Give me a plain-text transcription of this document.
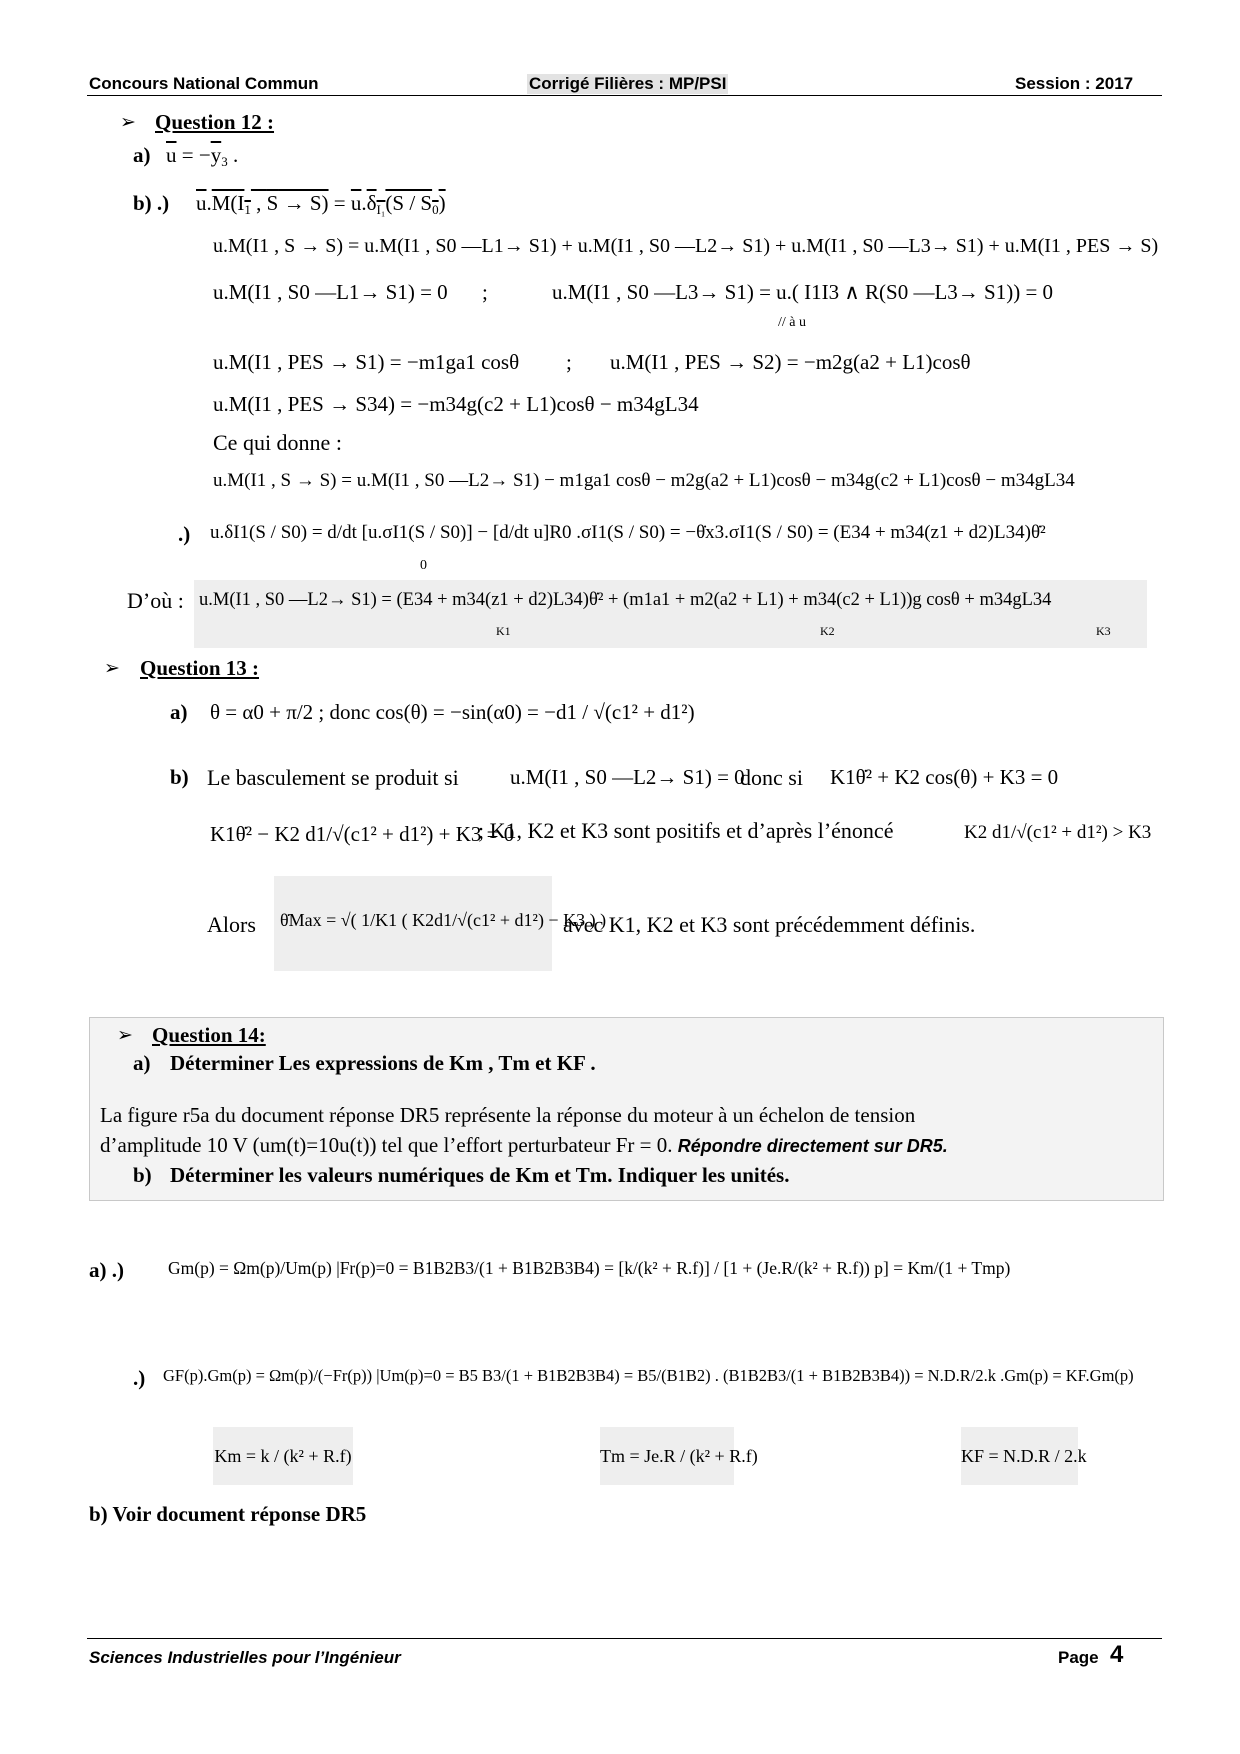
Concours National Commun	Corrigé Filières : MP/PSI	Session : 2017
➢ Question 12 :
a) $\overline{u} = -\overline{y}_3$ .
b) .) $\overline{u}.M(I_1$ , $S \to S) = \overline{u}.\delta_{I_1}(S / S_0)$
u.M(I1 , S → S) = u.M(I1 , S0 —L1→ S1) + u.M(I1 , S0 —L2→ S1) + u.M(I1 , S0 —L3→ S1) + u.M(I1 , PES → S)
u.M(I1 , S0 —L1→ S1) = 0 ;	u.M(I1 , S0 —L3→ S1) = u.( I1I3 ∧ R(S0 —L3→ S1)) = 0
// à u
u.M(I1 , PES → S1) = −m1ga1 cosθ ; u.M(I1 , PES → S2) = −m2g(a2 + L1)cosθ
u.M(I1 , PES → S34) = −m34g(c2 + L1)cosθ − m34gL34
Ce qui donne :
u.M(I1 , S → S) = u.M(I1 , S0 —L2→ S1) − m1ga1 cosθ − m2g(a2 + L1)cosθ − m34g(c2 + L1)cosθ − m34gL34
.) u.δI1(S / S0) = d/dt [u.σI1(S / S0)] − [d/dt u]R0 .σI1(S / S0) = −θ̇x3.σI1(S / S0) = (E34 + m34(z1 + d2)L34)θ̇²
0
D’où : u.M(I1 , S0 —L2→ S1) = (E34 + m34(z1 + d2)L34)θ̇² + (m1a1 + m2(a2 + L1) + m34(c2 + L1))g cosθ + m34gL34
K1	K2	K3
➢ Question 13 :
a) θ = α0 + π/2 ; donc cos(θ) = −sin(α0) = −d1 / √(c1² + d1²)
b) Le basculement se produit si u.M(I1 , S0 —L2→ S1) = 0
donc si K1θ̇² + K2 cos(θ) + K3 = 0
K1θ̇² − K2 d1/√(c1² + d1²) + K3 = 0
; K1, K2 et K3 sont positifs et d’après l’énoncé	K2 d1/√(c1² + d1²) > K3
Alors θ̇Max = √( 1/K1 ( K2d1/√(c1² + d1²) − K3 ) )
avec K1, K2 et K3 sont précédemment définis.
➢ Question 14:
a) Déterminer Les expressions de Km , Tm et KF .
La figure r5a du document réponse DR5 représente la réponse du moteur à un échelon de tension
d’amplitude 10 V (um(t)=10u(t)) tel que l’effort perturbateur Fr = 0. Répondre directement sur DR5.
b) Déterminer les valeurs numériques de Km et Tm. Indiquer les unités.
a) .)	Gm(p) = Ωm(p)/Um(p) |Fr(p)=0 = B1B2B3/(1 + B1B2B3B4) = [k/(k² + R.f)] / [1 + (Je.R/(k² + R.f)) p] = Km/(1 + Tmp)
.) GF(p).Gm(p) = Ωm(p)/(−Fr(p)) |Um(p)=0 = B5 B3/(1 + B1B2B3B4) = B5/(B1B2) . (B1B2B3/(1 + B1B2B3B4)) = N.D.R/2.k .Gm(p) = KF.Gm(p)
Km = k / (k² + R.f)	Tm = Je.R / (k² + R.f)	KF = N.D.R / 2.k
b) Voir document réponse DR5
Sciences Industrielles pour l’Ingénieur	Page 4
